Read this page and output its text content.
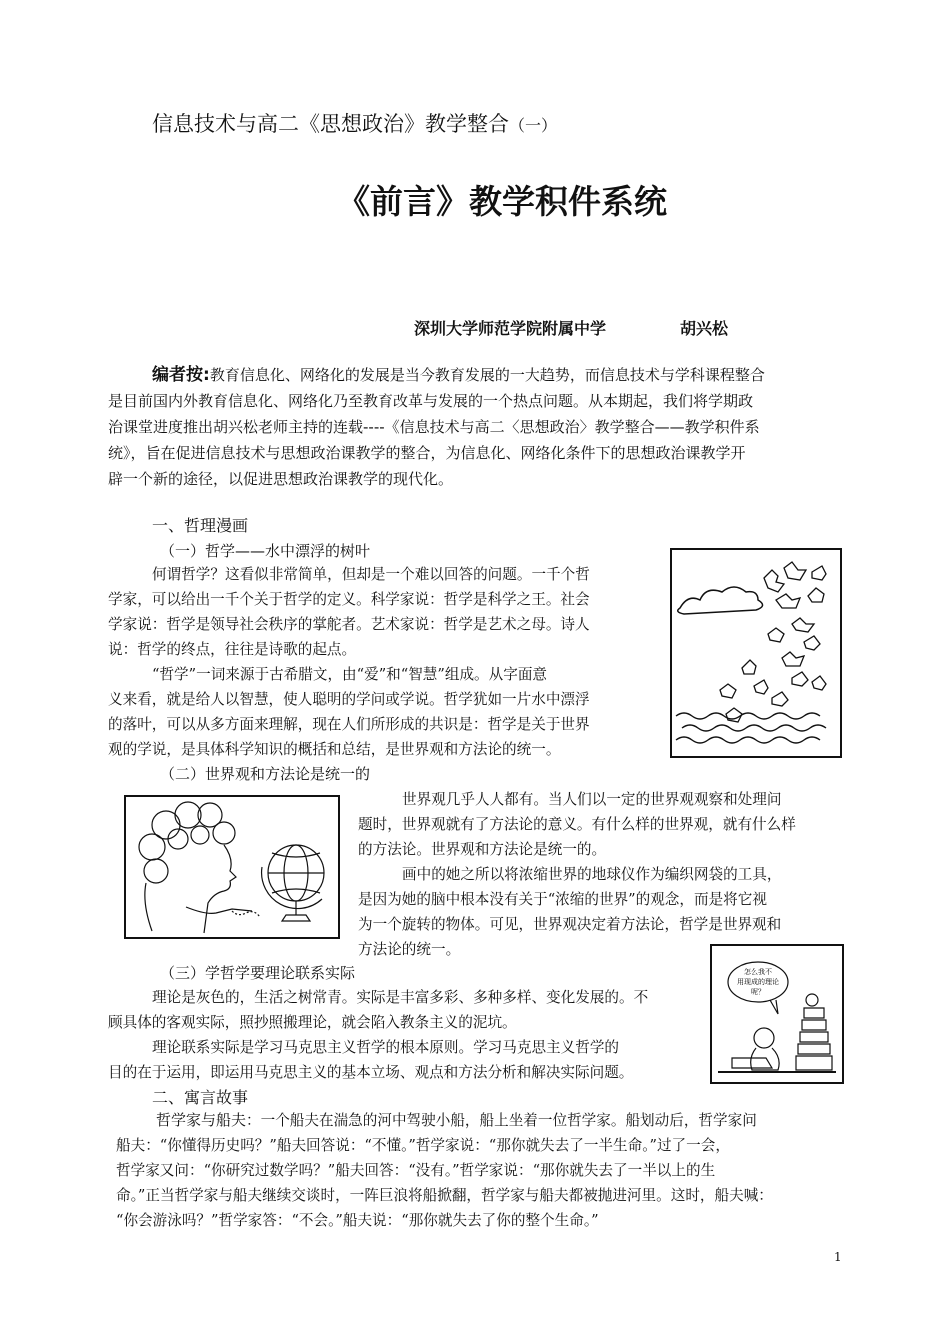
信息技术与高二《思想政治》教学整合（一）
《前言》教学积件系统
深圳大学师范学院附属中学	胡兴松
编者按:教育信息化、网络化的发展是当今教育发展的一大趋势，而信息技术与学科课程整合
是目前国内外教育信息化、网络化乃至教育改革与发展的一个热点问题。从本期起，我们将学期政
治课堂进度推出胡兴松老师主持的连载----《信息技术与高二〈思想政治〉教学整合——教学积件系
统》，旨在促进信息技术与思想政治课教学的整合，为信息化、网络化条件下的思想政治课教学开
辟一个新的途径，以促进思想政治课教学的现代化。
一、哲理漫画
（一）哲学——水中漂浮的树叶
何谓哲学？这看似非常简单，但却是一个难以回答的问题。一千个哲
学家，可以给出一千个关于哲学的定义。科学家说：哲学是科学之王。社会
学家说：哲学是领导社会秩序的掌舵者。艺术家说：哲学是艺术之母。诗人
说：哲学的终点，往往是诗歌的起点。
“哲学”一词来源于古希腊文，由“爱”和“智慧”组成。从字面意
义来看，就是给人以智慧，使人聪明的学问或学说。哲学犹如一片水中漂浮
的落叶，可以从多方面来理解，现在人们所形成的共识是：哲学是关于世界
观的学说，是具体科学知识的概括和总结，是世界观和方法论的统一。
（二）世界观和方法论是统一的
世界观几乎人人都有。当人们以一定的世界观观察和处理问
题时，世界观就有了方法论的意义。有什么样的世界观，就有什么样
的方法论。世界观和方法论是统一的。
画中的她之所以将浓缩世界的地球仪作为编织网袋的工具，
是因为她的脑中根本没有关于“浓缩的世界”的观念，而是将它视
为一个旋转的物体。可见，世界观决定着方法论，哲学是世界观和
方法论的统一。
（三）学哲学要理论联系实际
理论是灰色的，生活之树常青。实际是丰富多彩、多种多样、变化发展的。不
顾具体的客观实际，照抄照搬理论，就会陷入教条主义的泥坑。
理论联系实际是学习马克思主义哲学的根本原则。学习马克思主义哲学的
目的在于运用，即运用马克思主义的基本立场、观点和方法分析和解决实际问题。
怎么我不
用现成的理论
呢？
二、寓言故事
哲学家与船夫：一个船夫在湍急的河中驾驶小船，船上坐着一位哲学家。船划动后，哲学家问
船夫：“你懂得历史吗？”船夫回答说：“不懂。”哲学家说：“那你就失去了一半生命。”过了一会，
哲学家又问：“你研究过数学吗？”船夫回答：“没有。”哲学家说：“那你就失去了一半以上的生
命。”正当哲学家与船夫继续交谈时，一阵巨浪将船掀翻，哲学家与船夫都被抛进河里。这时，船夫喊：
“你会游泳吗？”哲学家答：“不会。”船夫说：“那你就失去了你的整个生命。”
1
